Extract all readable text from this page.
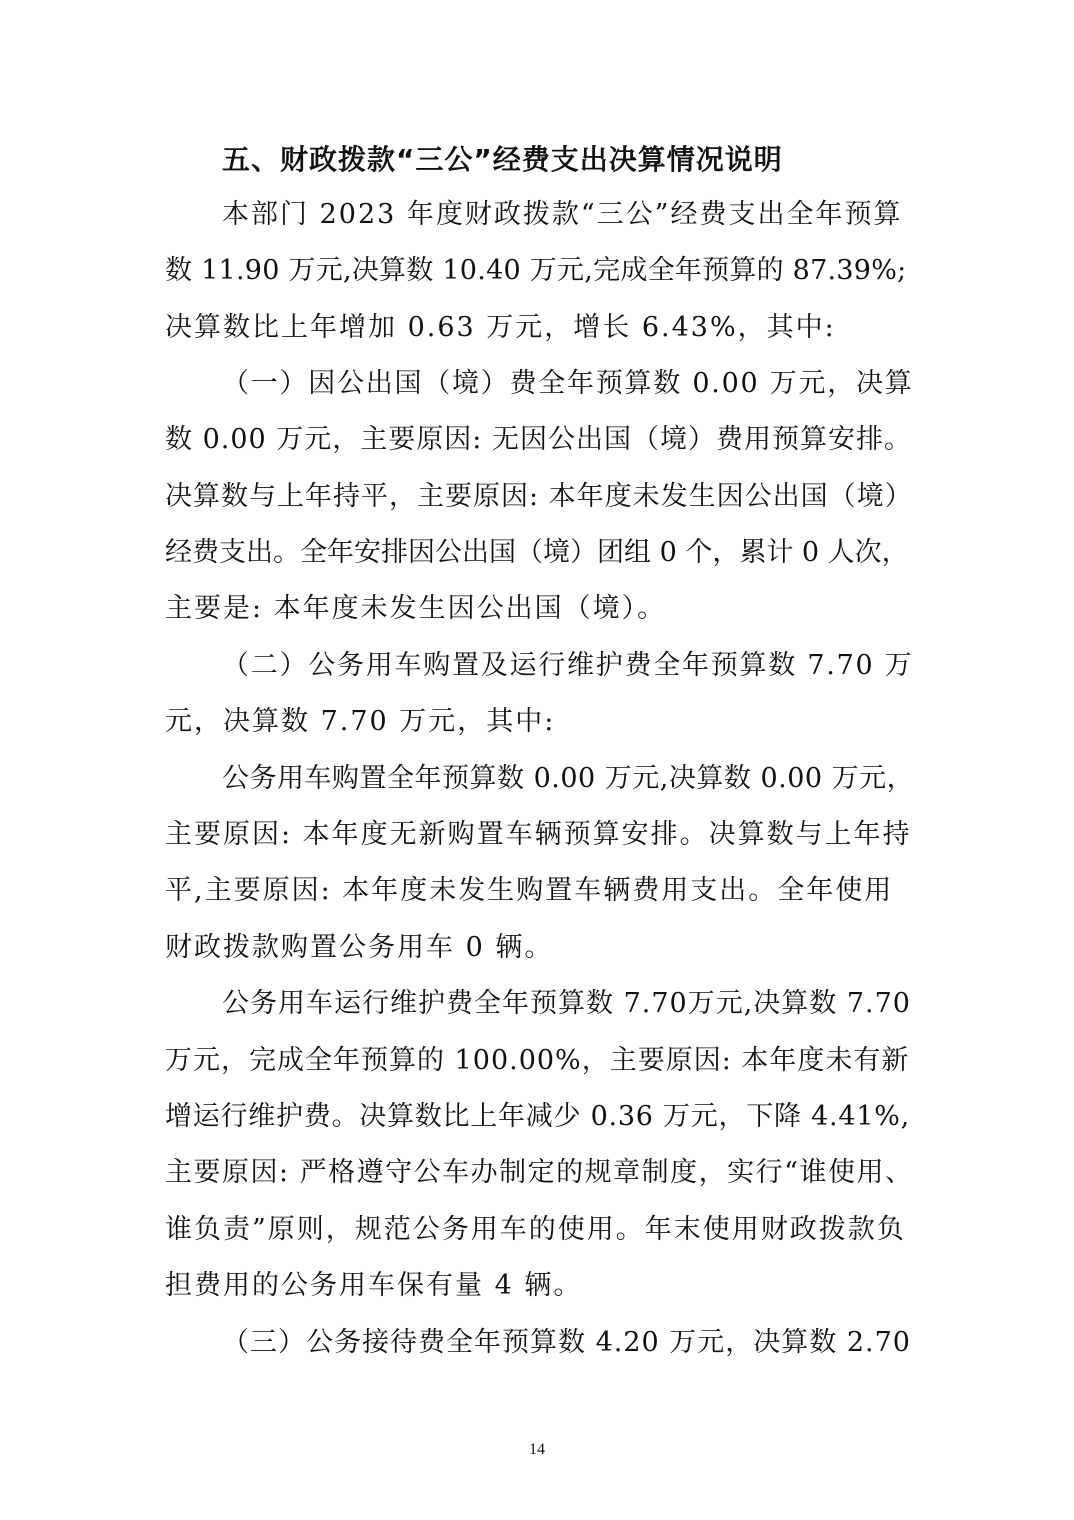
五、财政拨款“三公”经费支出决算情况说明
本部门 2023 年度财政拨款“三公”经费支出全年预算
数 11.90 万元,决算数 10.40 万元,完成全年预算的 87.39%;
决算数比上年增加 0.63 万元，增长 6.43%，其中:
（一）因公出国（境）费全年预算数 0.00 万元，决算
数 0.00 万元，主要原因: 无因公出国（境）费用预算安排。
决算数与上年持平，主要原因: 本年度未发生因公出国（境）
经费支出。全年安排因公出国（境）团组 0 个，累计 0 人次，
主要是: 本年度未发生因公出国（境）。
（二）公务用车购置及运行维护费全年预算数 7.70 万
元，决算数 7.70 万元，其中:
公务用车购置全年预算数 0.00 万元,决算数 0.00 万元，
主要原因: 本年度无新购置车辆预算安排。决算数与上年持
平,主要原因: 本年度未发生购置车辆费用支出。全年使用
财政拨款购置公务用车 0 辆。
公务用车运行维护费全年预算数 7.70万元,决算数 7.70
万元，完成全年预算的 100.00%，主要原因: 本年度未有新
增运行维护费。决算数比上年减少 0.36 万元，下降 4.41%,
主要原因: 严格遵守公车办制定的规章制度，实行“谁使用、
谁负责”原则，规范公务用车的使用。年末使用财政拨款负
担费用的公务用车保有量 4 辆。
（三）公务接待费全年预算数 4.20 万元，决算数 2.70
14
